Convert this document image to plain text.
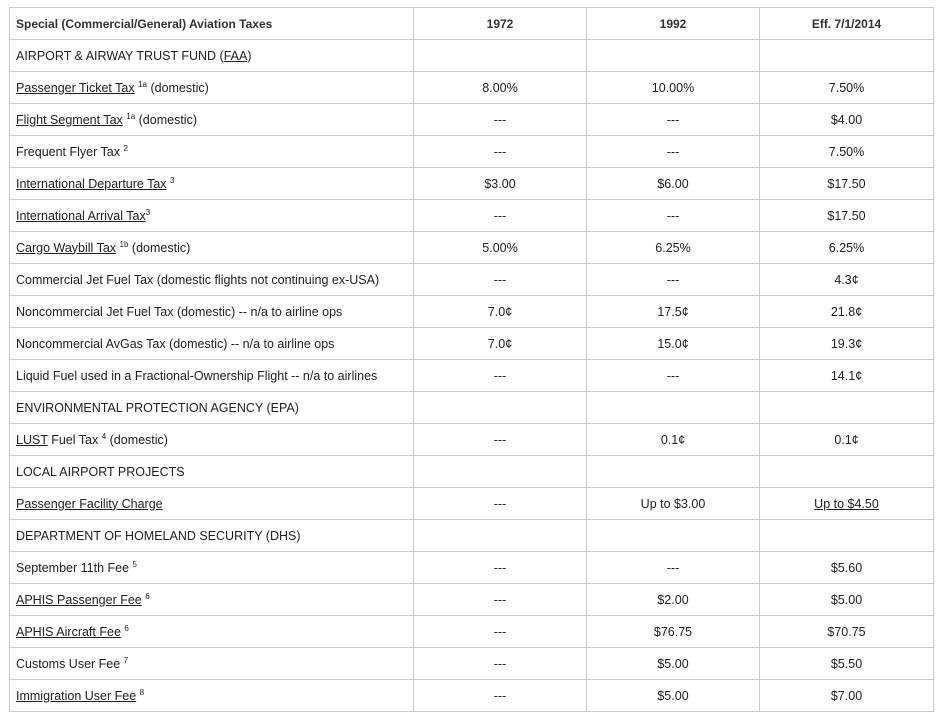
Special (Commercial/General) Aviation Taxes	1972	1992	Eff. 7/1/2014
AIRPORT & AIRWAY TRUST FUND (FAA)			
Passenger Ticket Tax $^{1a}$ (domestic)	8.00%	10.00%	7.50%
Flight Segment Tax $^{1a}$ (domestic)	---	---	$4.00
Frequent Flyer Tax $^2$	---	---	7.50%
International Departure Tax $^3$	$3.00	$6.00	$17.50
International Arrival Tax$^3$	---	---	$17.50
Cargo Waybill Tax $^{1b}$ (domestic)	5.00%	6.25%	6.25%
Commercial Jet Fuel Tax (domestic flights not continuing ex-USA)	---	---	4.3¢
Noncommercial Jet Fuel Tax (domestic) -- n/a to airline ops	7.0¢	17.5¢	21.8¢
Noncommercial AvGas Tax (domestic) -- n/a to airline ops	7.0¢	15.0¢	19.3¢
Liquid Fuel used in a Fractional-Ownership Flight -- n/a to airlines	---	---	14.1¢
ENVIRONMENTAL PROTECTION AGENCY (EPA)			
LUST Fuel Tax $^4$ (domestic)	---	0.1¢	0.1¢
LOCAL AIRPORT PROJECTS			
Passenger Facility Charge	---	Up to $3.00	Up to $4.50
DEPARTMENT OF HOMELAND SECURITY (DHS)			
September 11th Fee $^5$	---	---	$5.60
APHIS Passenger Fee $^6$	---	$2.00	$5.00
APHIS Aircraft Fee $^6$	---	$76.75	$70.75
Customs User Fee $^7$	---	$5.00	$5.50
Immigration User Fee $^8$	---	$5.00	$7.00
